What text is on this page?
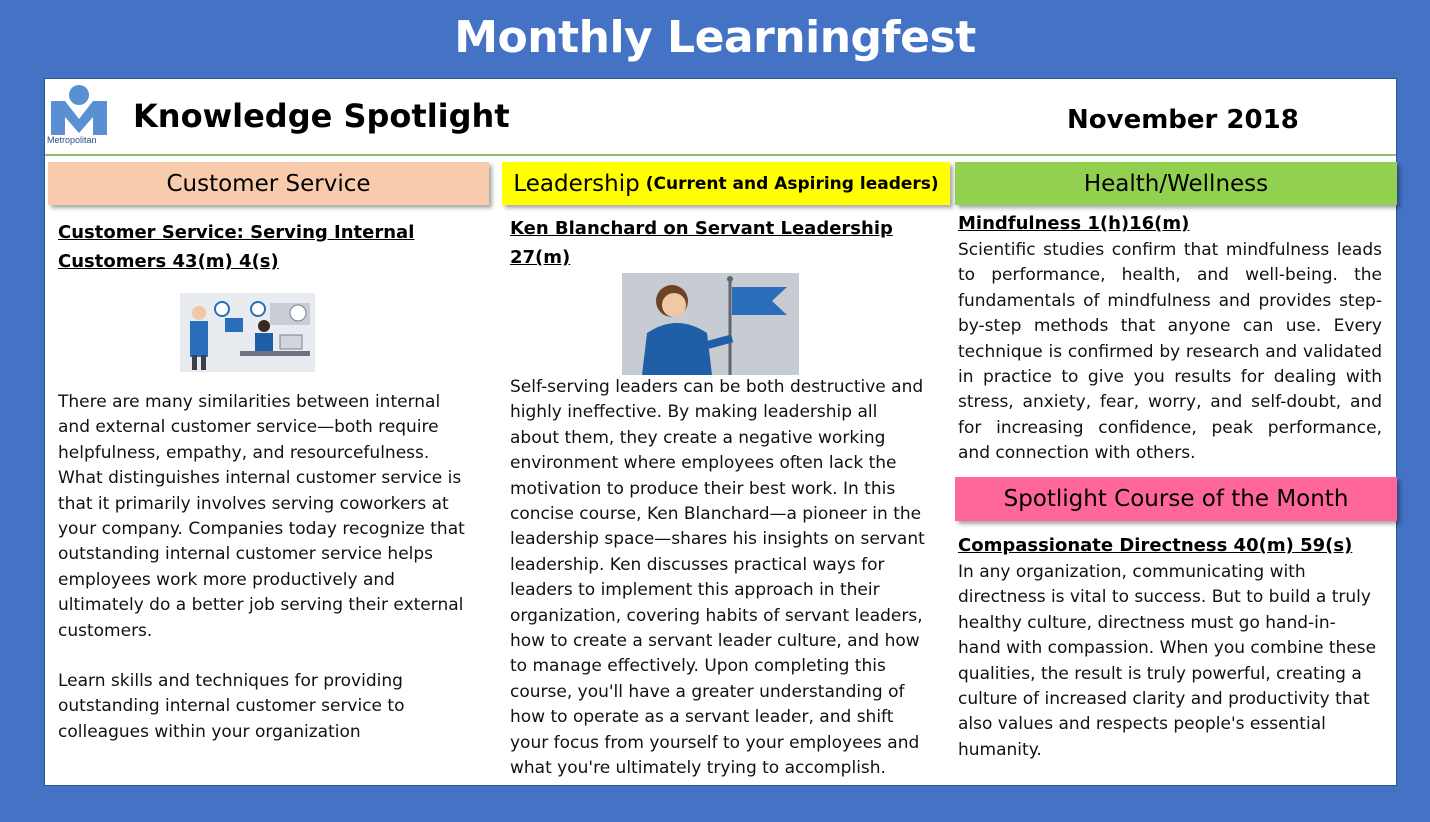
Monthly Learningfest
Metropolitan
Knowledge Spotlight	November 2018
Customer Service
Customer Service: Serving Internal
Customers 43(m) 4(s)

There are many similarities between internal and external customer service—both require helpfulness, empathy, and resourcefulness. What distinguishes internal customer service is that it primarily involves serving coworkers at your company. Companies today recognize that outstanding internal customer service helps employees work more productively and ultimately do a better job serving their external customers.

Learn skills and techniques for providing outstanding internal customer service to colleagues within your organization

Leadership (Current and Aspiring leaders)
Ken Blanchard on Servant Leadership
27(m)

Self-serving leaders can be both destructive and highly ineffective. By making leadership all about them, they create a negative working environment where employees often lack the motivation to produce their best work. In this concise course, Ken Blanchard—a pioneer in the leadership space—shares his insights on servant leadership. Ken discusses practical ways for leaders to implement this approach in their organization, covering habits of servant leaders, how to create a servant leader culture, and how to manage effectively. Upon completing this course, you'll have a greater understanding of how to operate as a servant leader, and shift your focus from yourself to your employees and what you're ultimately trying to accomplish.

Health/Wellness
Mindfulness 1(h)16(m)

Scientific studies confirm that mindfulness leads to performance, health, and well-being. the fundamentals of mindfulness and provides step-by-step methods that anyone can use. Every technique is confirmed by research and validated in practice to give you results for dealing with stress, anxiety, fear, worry, and self-doubt, and for increasing confidence, peak performance, and connection with others.

Spotlight Course of the Month
Compassionate Directness 40(m) 59(s)

In any organization, communicating with directness is vital to success. But to build a truly healthy culture, directness must go hand-in-hand with compassion. When you combine these qualities, the result is truly powerful, creating a culture of increased clarity and productivity that also values and respects people's essential humanity.
